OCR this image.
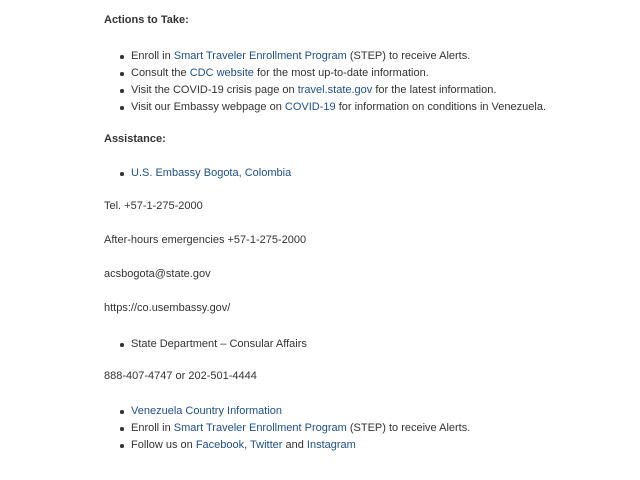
Actions to Take:
Enroll in Smart Traveler Enrollment Program (STEP) to receive Alerts.
Consult the CDC website for the most up-to-date information.
Visit the COVID-19 crisis page on travel.state.gov for the latest information.
Visit our Embassy webpage on COVID-19 for information on conditions in Venezuela.
Assistance:
U.S. Embassy Bogota, Colombia
Tel. +57-1-275-2000
After-hours emergencies +57-1-275-2000
acsbogota@state.gov
https://co.usembassy.gov/
State Department – Consular Affairs
888-407-4747 or 202-501-4444
Venezuela Country Information
Enroll in Smart Traveler Enrollment Program (STEP) to receive Alerts.
Follow us on Facebook, Twitter and Instagram
